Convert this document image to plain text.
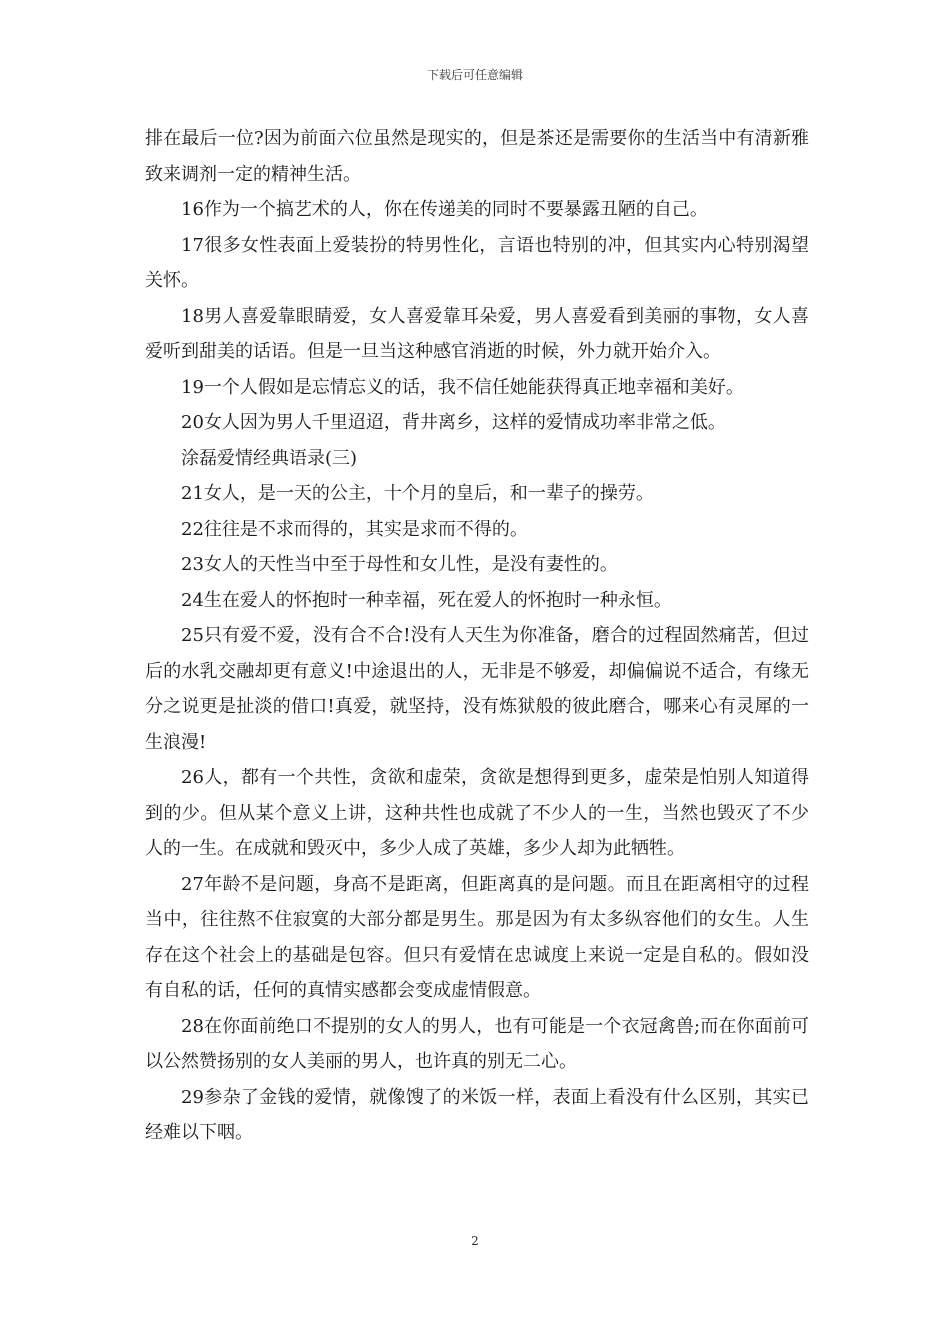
下载后可任意编辑

排在最后一位?因为前面六位虽然是现实的，但是茶还是需要你的生活当中有清新雅致来调剂一定的精神生活。

16作为一个搞艺术的人，你在传递美的同时不要暴露丑陋的自己。

17很多女性表面上爱装扮的特男性化，言语也特别的冲，但其实内心特别渴望关怀。

18男人喜爱靠眼睛爱，女人喜爱靠耳朵爱，男人喜爱看到美丽的事物，女人喜爱听到甜美的话语。但是一旦当这种感官消逝的时候，外力就开始介入。

19一个人假如是忘情忘义的话，我不信任她能获得真正地幸福和美好。

20女人因为男人千里迢迢，背井离乡，这样的爱情成功率非常之低。

涂磊爱情经典语录(三)

21女人，是一天的公主，十个月的皇后，和一辈子的操劳。

22往往是不求而得的，其实是求而不得的。

23女人的天性当中至于母性和女儿性，是没有妻性的。

24生在爱人的怀抱时一种幸福，死在爱人的怀抱时一种永恒。

25只有爱不爱，没有合不合!没有人天生为你准备，磨合的过程固然痛苦，但过后的水乳交融却更有意义!中途退出的人，无非是不够爱，却偏偏说不适合，有缘无分之说更是扯淡的借口!真爱，就坚持，没有炼狱般的彼此磨合，哪来心有灵犀的一生浪漫!

26人，都有一个共性，贪欲和虚荣，贪欲是想得到更多，虚荣是怕别人知道得到的少。但从某个意义上讲，这种共性也成就了不少人的一生，当然也毁灭了不少人的一生。在成就和毁灭中，多少人成了英雄，多少人却为此牺牲。

27年龄不是问题，身高不是距离，但距离真的是问题。而且在距离相守的过程当中，往往熬不住寂寞的大部分都是男生。那是因为有太多纵容他们的女生。人生存在这个社会上的基础是包容。但只有爱情在忠诚度上来说一定是自私的。假如没有自私的话，任何的真情实感都会变成虚情假意。

28在你面前绝口不提别的女人的男人，也有可能是一个衣冠禽兽;而在你面前可以公然赞扬别的女人美丽的男人，也许真的别无二心。

29参杂了金钱的爱情，就像馊了的米饭一样，表面上看没有什么区别，其实已经难以下咽。

2
